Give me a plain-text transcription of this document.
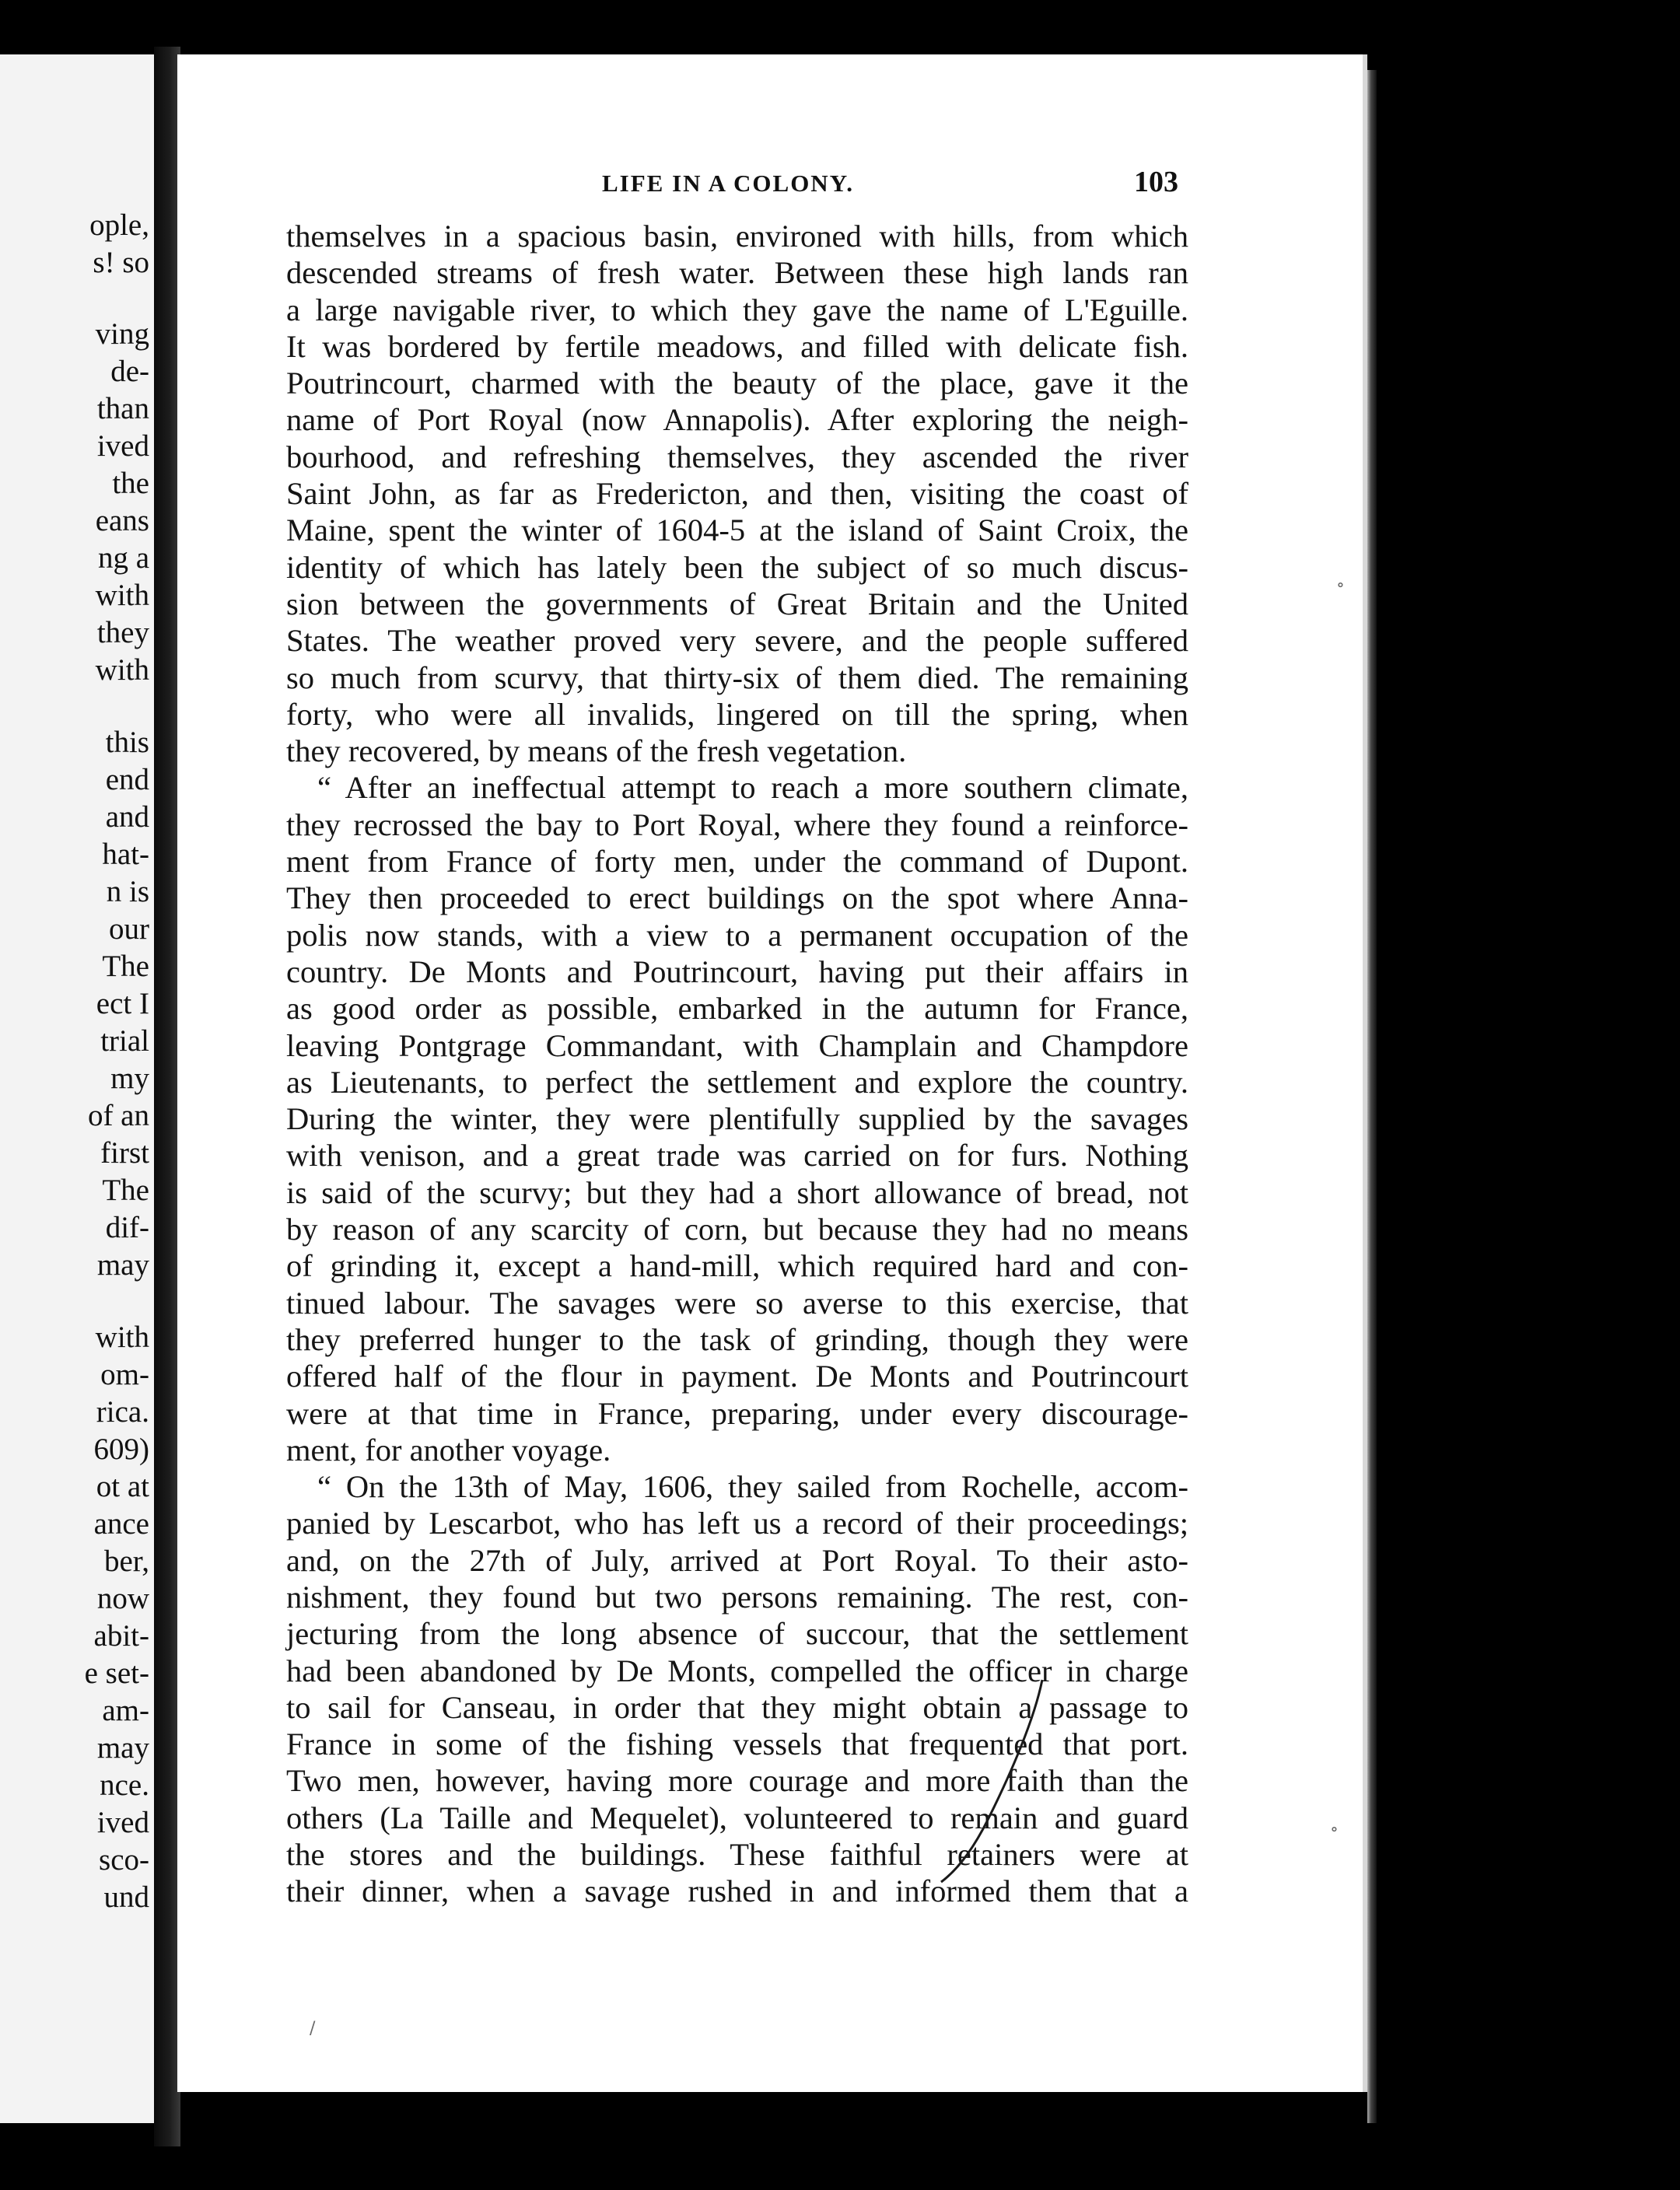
ople,
s! so
ving
de-
than
ived
the
eans
ng a
with
they
with
this
end
and
hat-
n is
our
The
ect I
trial
my
of an
first
The
dif-
may
with
om-
rica.
609)
ot at
ance
ber,
now
abit-
e set-
am-
may
nce.
ived
sco-
und
LIFE IN A COLONY.	103
themselves in a spacious basin, environed with hills, from which
descended streams of fresh water. Between these high lands ran
a large navigable river, to which they gave the name of L'Eguille.
It was bordered by fertile meadows, and filled with delicate fish.
Poutrincourt, charmed with the beauty of the place, gave it the
name of Port Royal (now Annapolis). After exploring the neigh-
bourhood, and refreshing themselves, they ascended the river
Saint John, as far as Fredericton, and then, visiting the coast of
Maine, spent the winter of 1604-5 at the island of Saint Croix, the
identity of which has lately been the subject of so much discus-
sion between the governments of Great Britain and the United
States. The weather proved very severe, and the people suffered
so much from scurvy, that thirty-six of them died. The remaining
forty, who were all invalids, lingered on till the spring, when
they recovered, by means of the fresh vegetation.
“ After an ineffectual attempt to reach a more southern climate,
they recrossed the bay to Port Royal, where they found a reinforce-
ment from France of forty men, under the command of Dupont.
They then proceeded to erect buildings on the spot where Anna-
polis now stands, with a view to a permanent occupation of the
country. De Monts and Poutrincourt, having put their affairs in
as good order as possible, embarked in the autumn for France,
leaving Pontgrage Commandant, with Champlain and Champdore
as Lieutenants, to perfect the settlement and explore the country.
During the winter, they were plentifully supplied by the savages
with venison, and a great trade was carried on for furs. Nothing
is said of the scurvy; but they had a short allowance of bread, not
by reason of any scarcity of corn, but because they had no means
of grinding it, except a hand-mill, which required hard and con-
tinued labour. The savages were so averse to this exercise, that
they preferred hunger to the task of grinding, though they were
offered half of the flour in payment. De Monts and Poutrincourt
were at that time in France, preparing, under every discourage-
ment, for another voyage.
“ On the 13th of May, 1606, they sailed from Rochelle, accom-
panied by Lescarbot, who has left us a record of their proceedings;
and, on the 27th of July, arrived at Port Royal. To their asto-
nishment, they found but two persons remaining. The rest, con-
jecturing from the long absence of succour, that the settlement
had been abandoned by De Monts, compelled the officer in charge
to sail for Canseau, in order that they might obtain a passage to
France in some of the fishing vessels that frequented that port.
Two men, however, having more courage and more faith than the
others (La Taille and Mequelet), volunteered to remain and guard
the stores and the buildings. These faithful retainers were at
their dinner, when a savage rushed in and informed them that a
∘
∘
/
